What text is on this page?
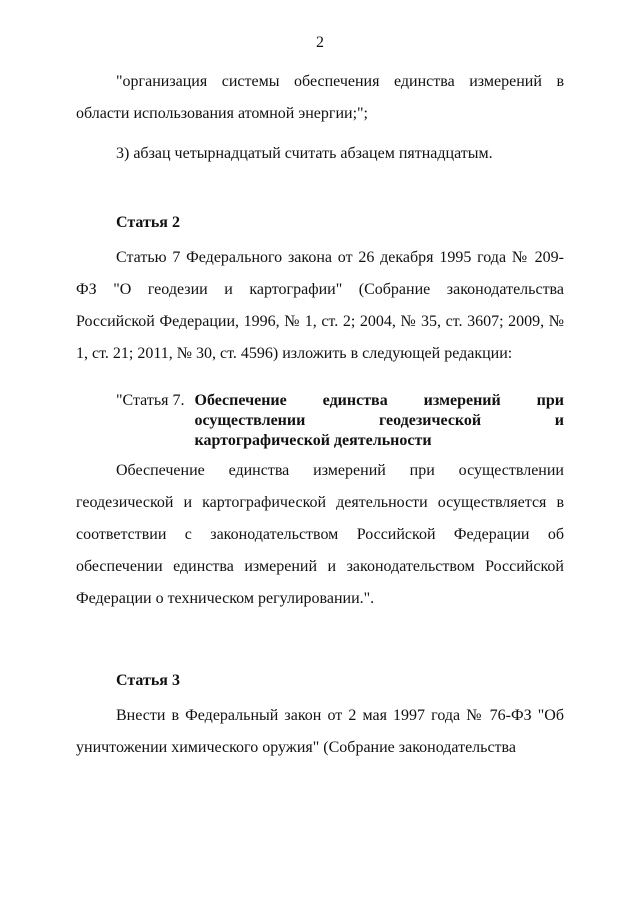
2

"организация системы обеспечения единства измерений в области использования атомной энергии;";

3) абзац четырнадцатый считать абзацем пятнадцатым.

Статья 2

Статью 7 Федерального закона от 26 декабря 1995 года № 209-ФЗ "О геодезии и картографии" (Собрание законодательства Российской Федерации, 1996, № 1, ст. 2; 2004, № 35, ст. 3607; 2009, № 1, ст. 21; 2011, № 30, ст. 4596) изложить в следующей редакции:

"Статья 7. Обеспечение единства измерений при осуществлении геодезической и картографической деятельности

Обеспечение единства измерений при осуществлении геодезической и картографической деятельности осуществляется в соответствии с законодательством Российской Федерации об обеспечении единства измерений и законодательством Российской Федерации о техническом регулировании.".

Статья 3

Внести в Федеральный закон от 2 мая 1997 года № 76-ФЗ "Об уничтожении химического оружия" (Собрание законодательства
